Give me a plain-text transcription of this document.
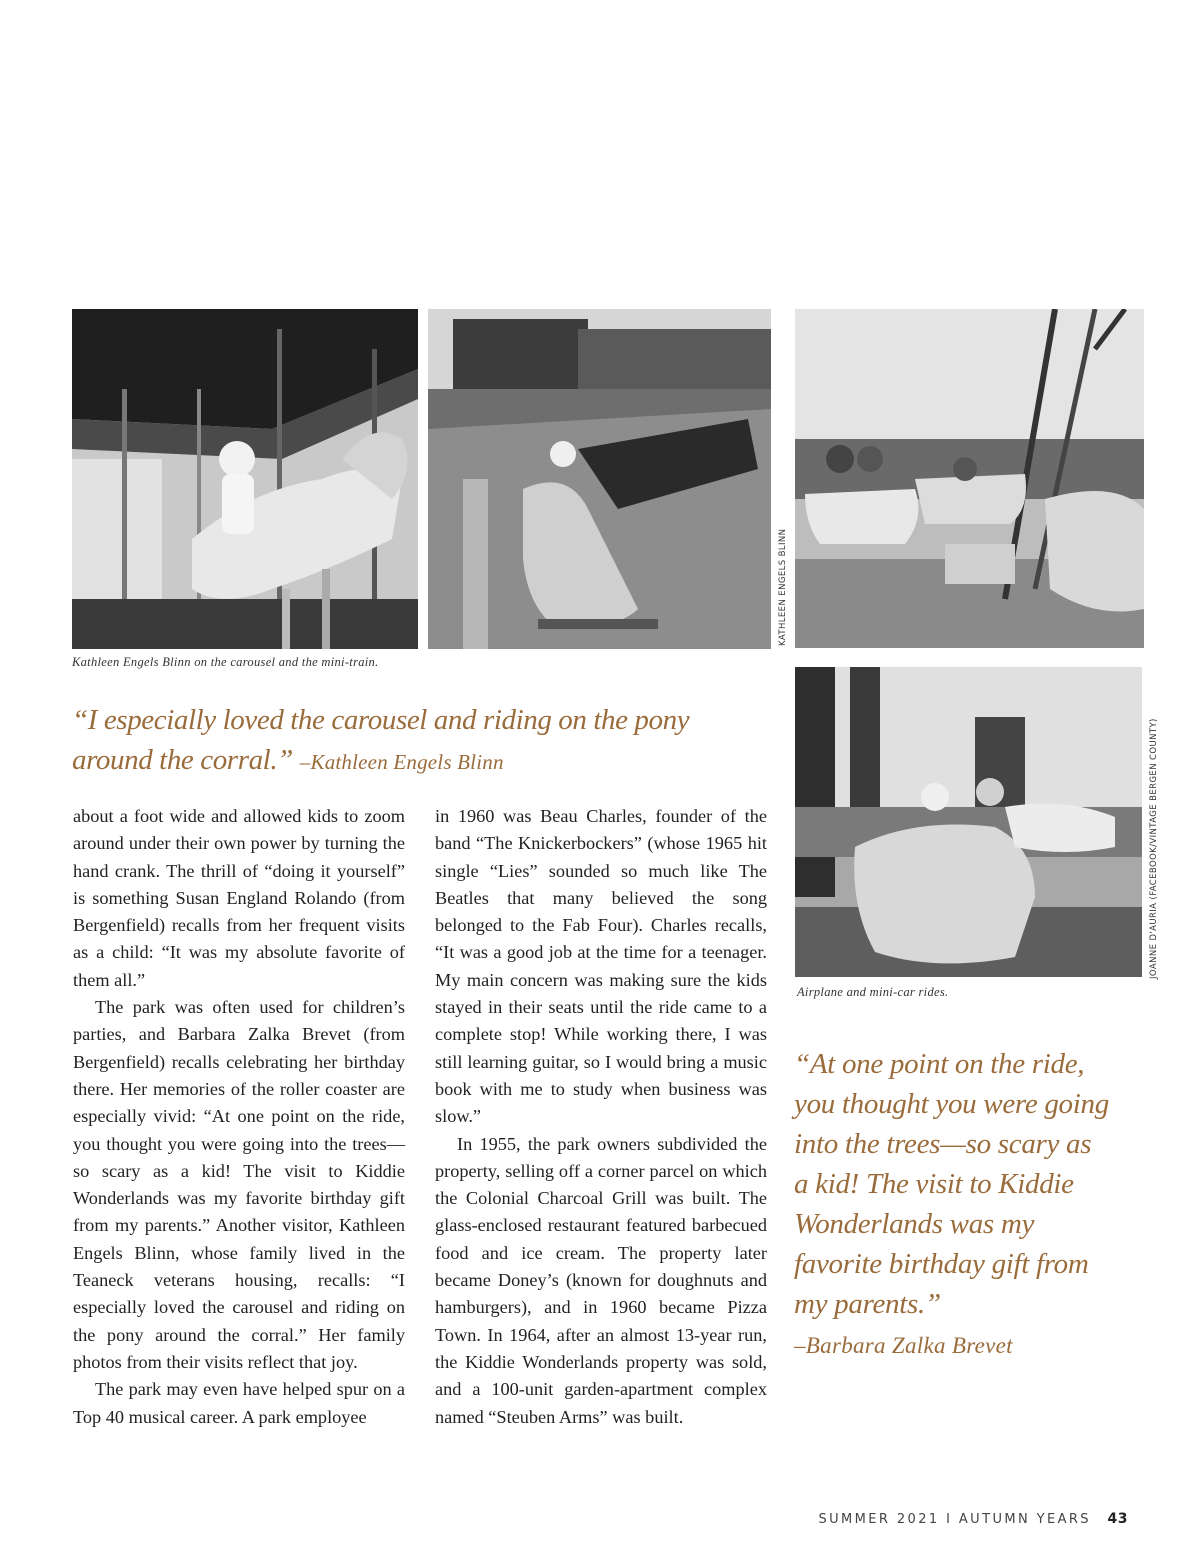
KATHLEEN ENGELS BLINN
JOANNE D'AURIA (FACEBOOK/VINTAGE BERGEN COUNTY)
Kathleen Engels Blinn on the carousel and the mini-train.
Airplane and mini-car rides.
“I especially loved the carousel and riding on the pony around the corral.” –Kathleen Engels Blinn
“At one point on the ride,
you thought you were going
into the trees—so scary as
a kid! The visit to Kiddie
Wonderlands was my
favorite birthday gift from
my parents.”
–Barbara Zalka Brevet

about a foot wide and allowed kids to zoom around under their own power by turning the hand crank. The thrill of “doing it yourself” is something Susan England Rolando (from Bergenfield) recalls from her frequent visits as a child: “It was my absolute favorite of them all.”

The park was often used for children’s parties, and Barbara Zalka Brevet (from Bergenfield) recalls celebrating her birthday there. Her memories of the roller coaster are especially vivid: “At one point on the ride, you thought you were going into the trees—so scary as a kid! The visit to Kiddie Wonderlands was my favorite birthday gift from my parents.” Another visitor, Kathleen Engels Blinn, whose family lived in the Teaneck veterans housing, recalls: “I especially loved the carousel and riding on the pony around the corral.” Her family photos from their visits reflect that joy.

The park may even have helped spur on a Top 40 musical career. A park employee

in 1960 was Beau Charles, founder of the band “The Knickerbockers” (whose 1965 hit single “Lies” sounded so much like The Beatles that many believed the song belonged to the Fab Four). Charles recalls, “It was a good job at the time for a teenager. My main concern was making sure the kids stayed in their seats until the ride came to a complete stop! While working there, I was still learning guitar, so I would bring a music book with me to study when business was slow.”

In 1955, the park owners subdivided the property, selling off a corner parcel on which the Colonial Charcoal Grill was built. The glass-enclosed restaurant featured barbecued food and ice cream. The property later became Doney’s (known for doughnuts and hamburgers), and in 1960 became Pizza Town. In 1964, after an almost 13-year run, the Kiddie Wonderlands property was sold, and a 100-unit garden-apartment complex named “Steuben Arms” was built.

SUMMER 2021 I AUTUMN YEARS 43
